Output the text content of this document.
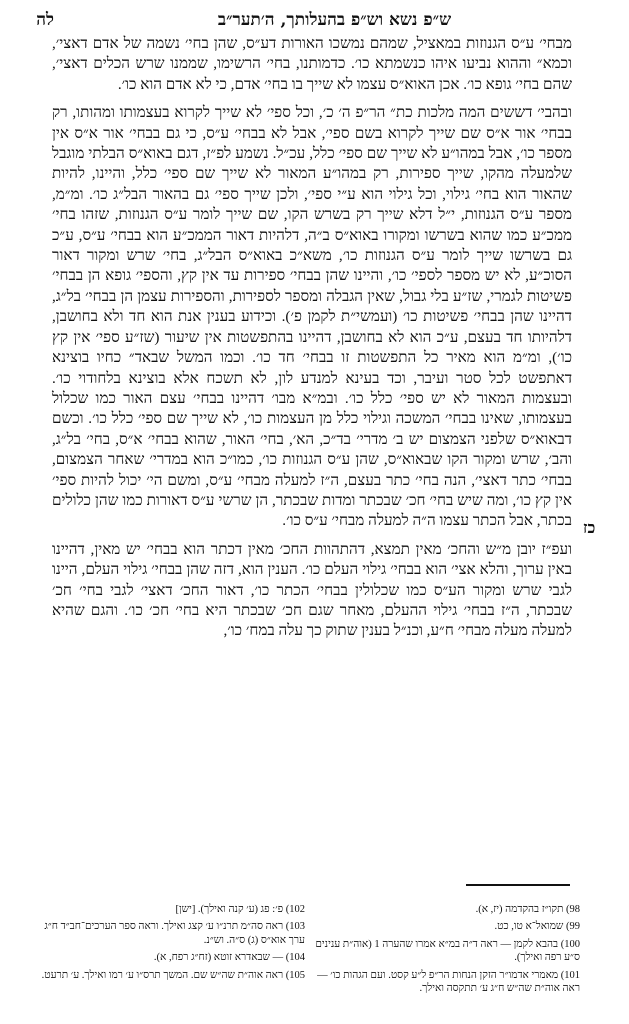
ש״פ נשא וש״פ בהעלותך, ה׳תער״ב
לה

מבחי׳ ע״ס הגנוזות במאציל, שמהם נמשכו האורות דע״ס, שהן בחי׳ נשמה של אדם דאצי׳, וכמא״ וההוא נביעו איהו כנשמתא כו׳. כדמותנו, בחי׳ הרשימו, שממנו שרש הכלים דאצי׳, שהם בחי׳ גופא כו׳. אכן האוא״ס עצמו לא שייך בו בחי׳ אדם, כי לא אדם הוא כו׳.

ובהבי׳ דששים המה מלכות כת״ הר״פ ה׳ כ׳, וכל ספי׳ לא שייך לקרוא בעצמותו ומהותו, רק בבחי׳ אור א״ס שם שייך לקרוא בשם ספי׳, אבל לא בבחי׳ ע״ס, כי גם בבחי׳ אור א״ס אין מספר כו׳, אבל במהו״ע לא שייך שם ספי׳ כלל, עכ״ל. נשמע לפ״ז, דגם באוא״ס הבלתי מוגבל שלמעלה מהקו, שייך ספירות, רק במהו״ע המאור לא שייך שם ספי׳ כלל, והיינו, להיות שהאור הוא בחי׳ גילוי, וכל גילוי הוא ע״י ספי׳, ולכן שייך ספי׳ גם בהאור הבל״ג כו׳. ומ״מ, מספר ע״ס הגנוזות, י״ל דלא שייך רק בשרש הקו, שם שייך לומר ע״ס הגנוזות, שזהו בחי׳ ממכ״ע כמו שהוא בשרשו ומקורו באוא״ס ב״ה, דלהיות דאור הממכ״ע הוא בבחי׳ ע״ס, ע״כ גם בשרשו שייך לומר ע״ס הגנוזות כו׳, משא״כ באוא״ס הבל״ג, בחי׳ שרש ומקור דאור הסוכ״ע, לא יש מספר לספי׳ כו׳, והיינו שהן בבחי׳ ספירות עד אין קץ, והספי׳ גופא הן בבחי׳ פשיטות לגמרי, שז״ע בלי גבול, שאין הגבלה ומספר לספירות, והספירות עצמן הן בבחי׳ בל״ג, דהיינו שהן בבחי׳ פשיטות כו׳ (ועמשי״ת לקמן פ׳). וכידוע בענין אנת הוא חד ולא בחושבן, דלהיותו חד בעצם, ע״כ הוא לא בחושבן, דהיינו בהתפשטות אין שיעור (שז״ע ספי׳ אין קץ כו׳), ומ״מ הוא מאיר כל התפשטות זו בבחי׳ חד כו׳. וכמו המשל שבאד״ כחיו בוצינא דאתפשט לכל סטר ועיבר, וכד בעינא למנדע לון, לא תשכח אלא בוצינא בלחודוי כו׳. ובעצמות המאור לא יש ספי׳ כלל כו׳. ובמ״א מבו׳ דהיינו בבחי׳ עצם האור כמו שכלול בעצמותו, שאינו בבחי׳ המשכה וגילוי כלל מן העצמות כו׳, לא שייך שם ספי׳ כלל כו׳. וכשם דבאוא״ס שלפני הצמצום יש ב׳ מדרי׳ בד״כ, הא׳, בחי׳ האור, שהוא בבחי׳ א״ס, בחי׳ בל״ג, והב׳, שרש ומקור הקו שבאוא״ס, שהן ע״ס הגנוזות כו׳, כמו״כ הוא במדרי׳ שאחר הצמצום, בבחי׳ כתר דאצי׳, הנה בחי׳ כתר בעצם, ה״ז למעלה מבחי׳ ע״ס, ומשם הי׳ יכול להיות ספי׳ אין קץ כו׳, ומה שיש בחי׳ חכ׳ שבכתר ומדות שבכתר, הן שרשי ע״ס דאורות כמו שהן כלולים בכתר, אבל הכתר עצמו ה״ה למעלה מבחי׳ ע״ס כו׳.

ועפ״ז יובן מ״ש והחכ׳ מאין תמצא, דהתהוות החכ׳ מאין דכתר הוא בבחי׳ יש מאין, דהיינו באין ערוך, והלא אצי׳ הוא בבחי׳ גילוי העלם כו׳. הענין הוא, דזה שהן בבחי׳ גילוי העלם, היינו לגבי שרש ומקור הע״ס כמו שכלולין בבחי׳ הכתר כו׳, דאור החכ׳ דאצי׳ לגבי בחי׳ חכ׳ שבכתר, ה״ז בבחי׳ גילוי ההעלם, מאחר שגם חכ׳ שבכתר היא בחי׳ חכ׳ כו׳. והגם שהיא למעלה מעלה מבחי׳ ח״ע, וכנ״ל בענין שתוק כך עלה במח׳ כו׳,

כז
98) תקו״ז בהקדמה (יז, א).
99) שמואל־א טו, כט.
100) בהבא לקמן — ראה ד״ה במ״א אמרו שהערה 1 (אוה״ת ענינים ס״ע רפה ואילך).
101) מאמרי אדמו״ר הזקן הנחות הר״פ ל״ע קסט. ועם הגהות כו׳ — ראה אוה״ת שה״ש ח״ג ע׳ תתקסה ואילך.
102) פ׳: פג (ע׳ קנה ואילך). [ישן]
103) ראה סה״מ תרנ״ו ע׳ קצג ואילך. וראה ספר הערכים־חב״ד ח״ג ערך אוא״ס (ג) ס״ה. וש״נ.
104) — שבאדרא זוטא (זח״ג רפח, א).
105) ראה אוה״ת שה״ש שם. המשך תרס״ו ע׳ רמו ואילך. ע׳ תרעט.
